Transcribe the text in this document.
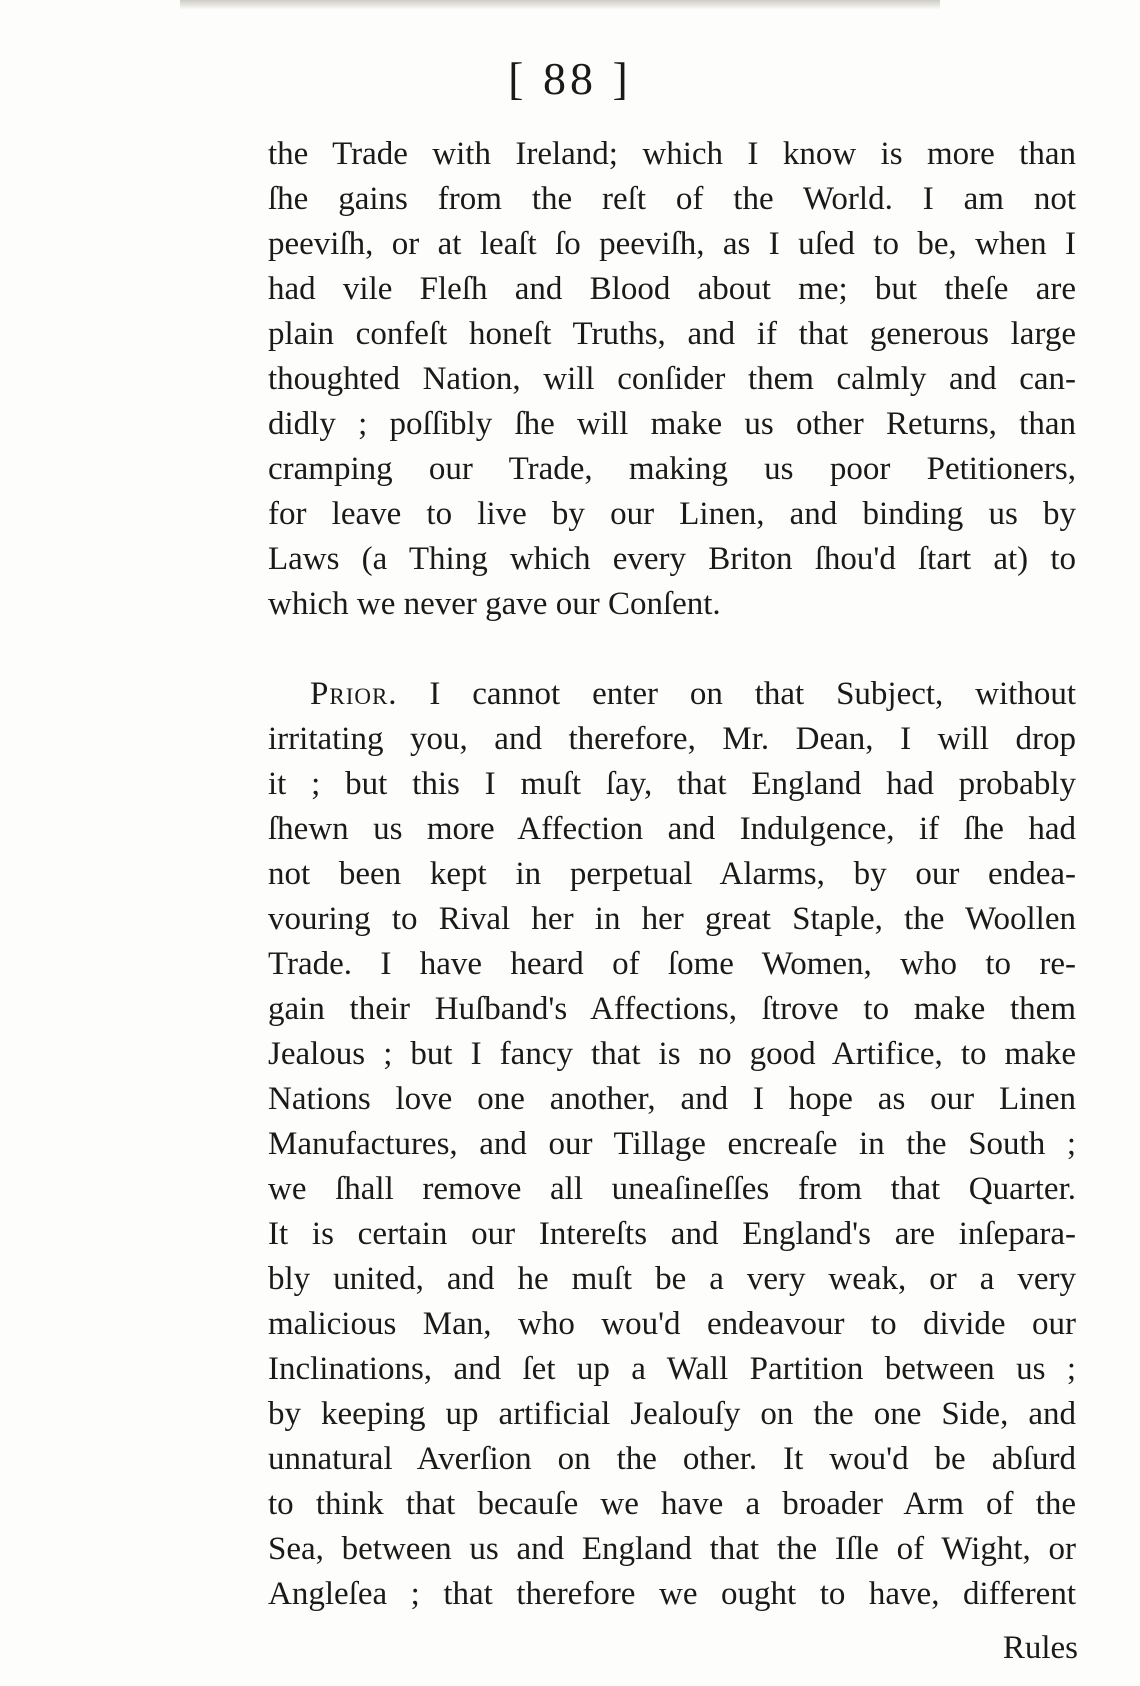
[ 88 ]
the Trade with Ireland; which I know is more than
ſhe gains from the reſt of the World. I am not
peeviſh, or at leaſt ſo peeviſh, as I uſed to be, when I
had vile Fleſh and Blood about me; but theſe are
plain confeſt honeſt Truths, and if that generous large
thoughted Nation, will conſider them calmly and can-
didly ; poſſibly ſhe will make us other Returns, than
cramping our Trade, making us poor Petitioners,
for leave to live by our Linen, and binding us by
Laws (a Thing which every Briton ſhou'd ſtart at) to
which we never gave our Conſent.
Prior. I cannot enter on that Subject, without
irritating you, and therefore, Mr. Dean, I will drop
it ; but this I muſt ſay, that England had probably
ſhewn us more Affection and Indulgence, if ſhe had
not been kept in perpetual Alarms, by our endea-
vouring to Rival her in her great Staple, the Woollen
Trade. I have heard of ſome Women, who to re-
gain their Huſband's Affections, ſtrove to make them
Jealous ; but I fancy that is no good Artifice, to make
Nations love one another, and I hope as our Linen
Manufactures, and our Tillage encreaſe in the South ;
we ſhall remove all uneaſineſſes from that Quarter.
It is certain our Intereſts and England's are inſepara-
bly united, and he muſt be a very weak, or a very
malicious Man, who wou'd endeavour to divide our
Inclinations, and ſet up a Wall Partition between us ;
by keeping up artificial Jealouſy on the one Side, and
unnatural Averſion on the other. It wou'd be abſurd
to think that becauſe we have a broader Arm of the
Sea, between us and England that the Iſle of Wight, or
Angleſea ; that therefore we ought to have, different
Rules
